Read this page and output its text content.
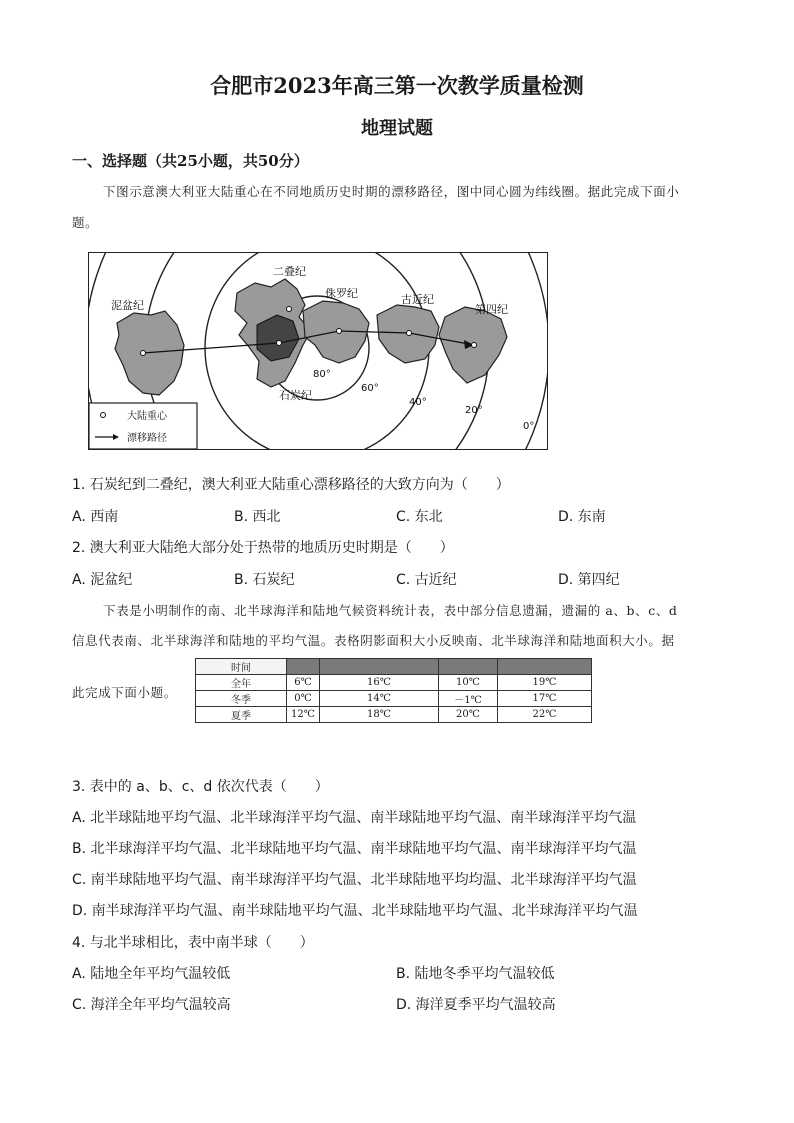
合肥市2023年高三第一次教学质量检测
地理试题
一、选择题（共25小题，共50分）
下图示意澳大利亚大陆重心在不同地质历史时期的漂移路径，图中同心圆为纬线圈。据此完成下面小
题。
泥盆纪
二叠纪
侏罗纪	古近纪
第四纪
石炭纪
80°
60°
40°
20°
0°
大陆重心
漂移路径
1. 石炭纪到二叠纪，澳大利亚大陆重心漂移路径的大致方向为（　　）
A. 西南	B. 西北	C. 东北	D. 东南
2. 澳大利亚大陆绝大部分处于热带的地质历史时期是（　　）
A. 泥盆纪	B. 石炭纪	C. 古近纪	D. 第四纪
下表是小明制作的南、北半球海洋和陆地气候资料统计表，表中部分信息遗漏，遗漏的 a、b、c、d
信息代表南、北半球海洋和陆地的平均气温。表格阴影面积大小反映南、北半球海洋和陆地面积大小。据
此完成下面小题。
时间				
全年	6℃	16℃	10℃	19℃
冬季	0℃	14℃	－1℃	17℃
夏季	12℃	18℃	20℃	22℃
3. 表中的 a、b、c、d 依次代表（　　）
A. 北半球陆地平均气温、北半球海洋平均气温、南半球陆地平均气温、南半球海洋平均气温
B. 北半球海洋平均气温、北半球陆地平均气温、南半球陆地平均气温、南半球海洋平均气温
C. 南半球陆地平均气温、南半球海洋平均气温、北半球陆地平均均温、北半球海洋平均气温
D. 南半球海洋平均气温、南半球陆地平均气温、北半球陆地平均气温、北半球海洋平均气温
4. 与北半球相比，表中南半球（　　）
A. 陆地全年平均气温较低	B. 陆地冬季平均气温较低
C. 海洋全年平均气温较高	D. 海洋夏季平均气温较高
